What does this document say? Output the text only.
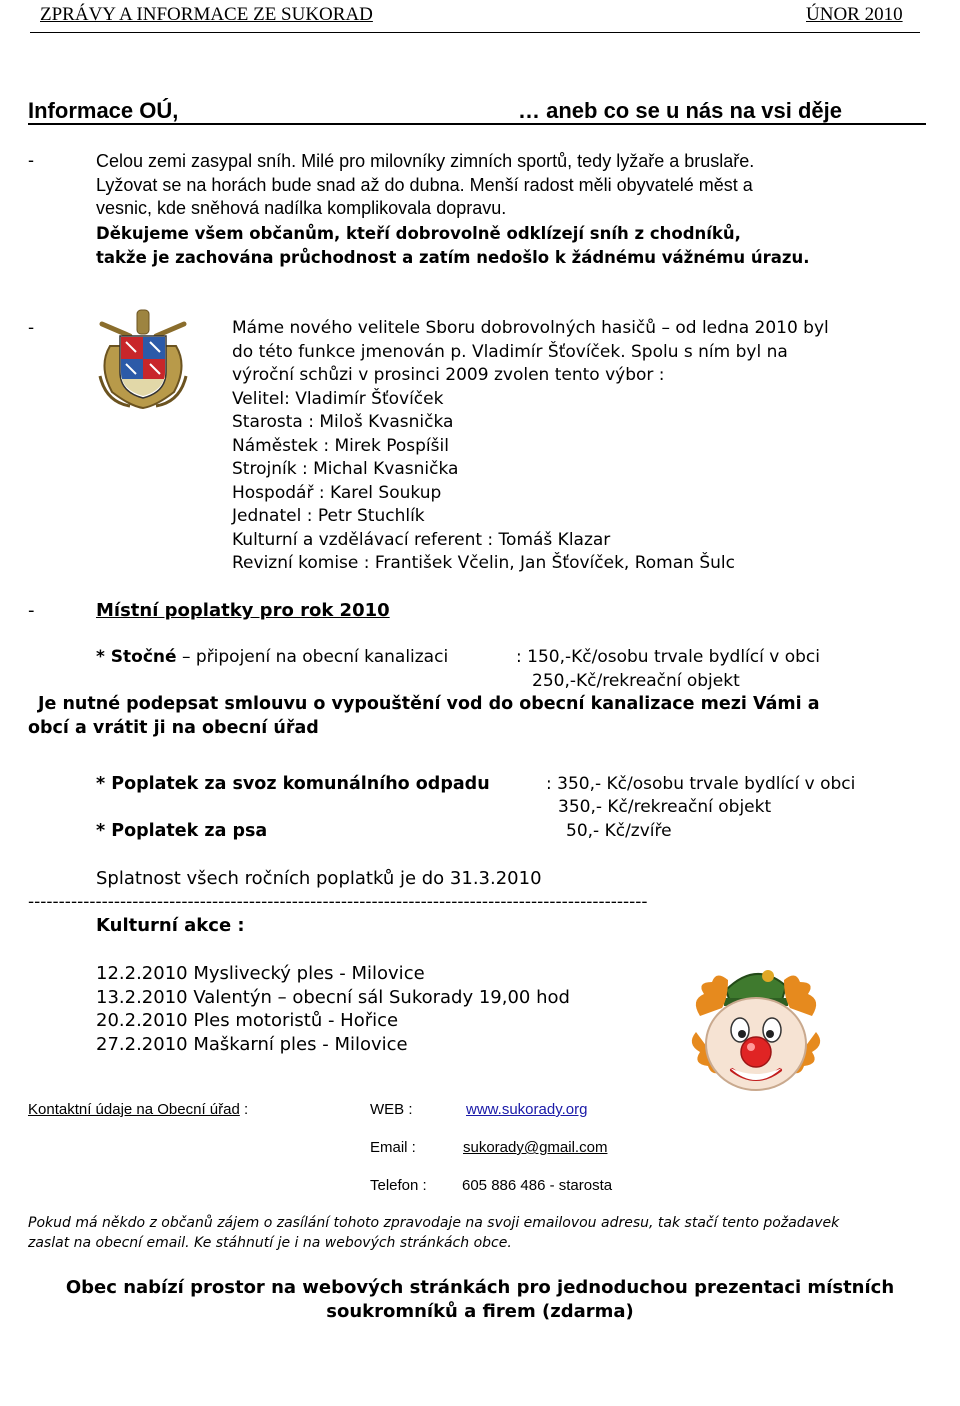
ZPRÁVY A INFORMACE ZE SUKORAD	ÚNOR 2010
Informace OÚ,	… aneb co se u nás na vsi děje
-	Celou zemi zasypal sníh. Milé pro milovníky zimních sportů, tedy lyžaře a bruslaře.
Lyžovat se na horách bude snad až do dubna. Menší radost měli obyvatelé měst a
vesnic, kde sněhová nadílka komplikovala dopravu.
Děkujeme všem občanům, kteří dobrovolně odklízejí sníh z chodníků,
takže je zachována průchodnost a zatím nedošlo k žádnému vážnému úrazu.
-	Máme nového velitele Sboru dobrovolných hasičů – od ledna 2010 byl
do této funkce jmenován p. Vladimír Šťovíček. Spolu s ním byl na
výroční schůzi v prosinci 2009 zvolen tento výbor :
Velitel: Vladimír Šťovíček
Starosta : Miloš Kvasnička
Náměstek : Mirek Pospíšil
Strojník : Michal Kvasnička
Hospodář : Karel Soukup
Jednatel : Petr Stuchlík
Kulturní a vzdělávací referent : Tomáš Klazar
Revizní komise : František Včelin, Jan Šťovíček, Roman Šulc
-	Místní poplatky pro rok 2010
* Stočné – připojení na obecní kanalizaci	: 150,-Kč/osobu trvale bydlící v obci
250,-Kč/rekreační objekt
Je nutné podepsat smlouvu o vypouštění vod do obecní kanalizace mezi Vámi a
obcí a vrátit ji na obecní úřad
* Poplatek za svoz komunálního odpadu	: 350,- Kč/osobu trvale bydlící v obci
350,- Kč/rekreační objekt
* Poplatek za psa	50,- Kč/zvíře
Splatnost všech ročních poplatků je do 31.3.2010
-----------------------------------------------------------------------------------------------------
Kulturní akce :
12.2.2010 Myslivecký ples - Milovice
13.2.2010 Valentýn – obecní sál Sukorady 19,00 hod
20.2.2010 Ples motoristů - Hořice
27.2.2010 Maškarní ples - Milovice
Kontaktní údaje na Obecní úřad :	WEB :	www.sukorady.org
Email :	sukorady@gmail.com
Telefon : 605 886 486 - starosta
Pokud má někdo z občanů zájem o zasílání tohoto zpravodaje na svoji emailovou adresu, tak stačí tento požadavek
zaslat na obecní email. Ke stáhnutí je i na webových stránkách obce.
Obec nabízí prostor na webových stránkách pro jednoduchou prezentaci místních
soukromníků a firem (zdarma)
